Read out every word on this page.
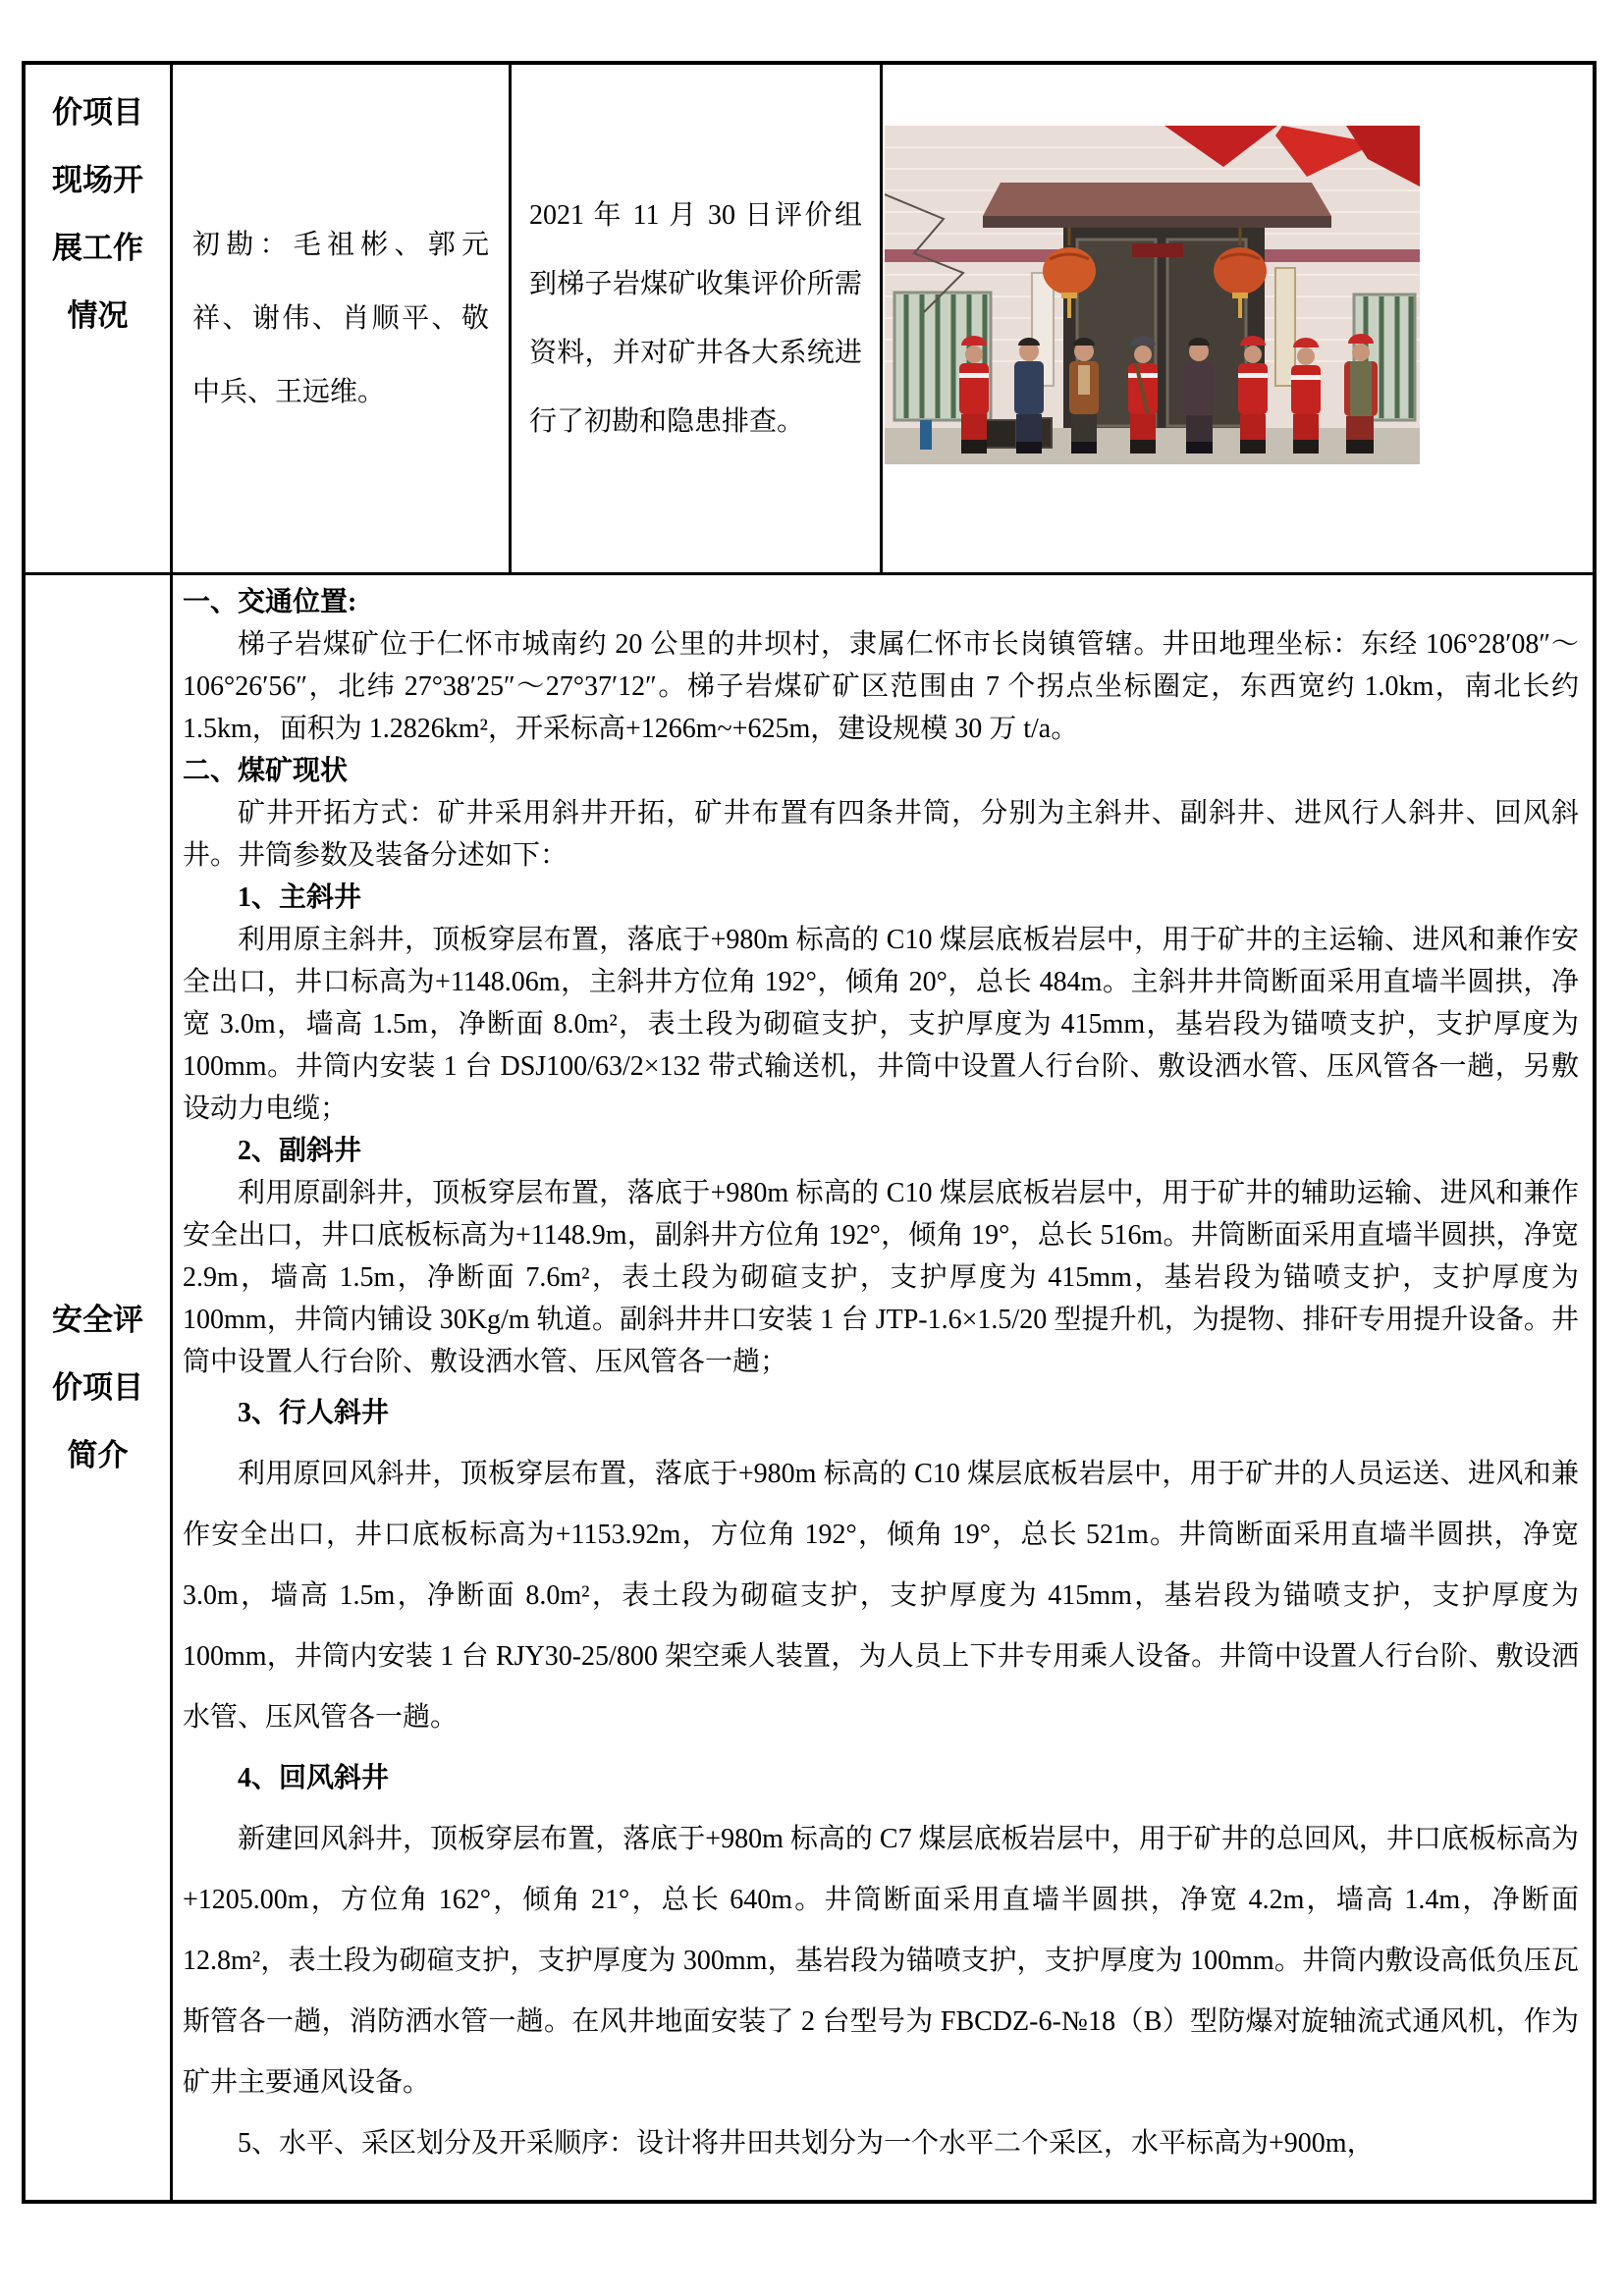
价项目
现场开
展工作
情况
初勘：毛祖彬、郭元祥、谢伟、肖顺平、敬中兵、王远维。
2021 年 11 月 30 日评价组到梯子岩煤矿收集评价所需资料，并对矿井各大系统进行了初勘和隐患排查。
安全评
价项目
简介
一、交通位置:
梯子岩煤矿位于仁怀市城南约 20 公里的井坝村，隶属仁怀市长岗镇管辖。井田地理坐标：东经 106°28′08″～106°26′56″，北纬 27°38′25″～27°37′12″。梯子岩煤矿矿区范围由 7 个拐点坐标圈定，东西宽约 1.0km，南北长约 1.5km，面积为 1.2826km²，开采标高+1266m~+625m，建设规模 30 万 t/a。
二、煤矿现状
矿井开拓方式：矿井采用斜井开拓，矿井布置有四条井筒，分别为主斜井、副斜井、进风行人斜井、回风斜井。井筒参数及装备分述如下：
1、主斜井
利用原主斜井，顶板穿层布置，落底于+980m 标高的 C10 煤层底板岩层中，用于矿井的主运输、进风和兼作安全出口，井口标高为+1148.06m，主斜井方位角 192°，倾角 20°，总长 484m。主斜井井筒断面采用直墙半圆拱，净宽 3.0m，墙高 1.5m，净断面 8.0m²，表土段为砌碹支护，支护厚度为 415mm，基岩段为锚喷支护，支护厚度为 100mm。井筒内安装 1 台 DSJ100/63/2×132 带式输送机，井筒中设置人行台阶、敷设洒水管、压风管各一趟，另敷设动力电缆；
2、副斜井
利用原副斜井，顶板穿层布置，落底于+980m 标高的 C10 煤层底板岩层中，用于矿井的辅助运输、进风和兼作安全出口，井口底板标高为+1148.9m，副斜井方位角 192°，倾角 19°，总长 516m。井筒断面采用直墙半圆拱，净宽 2.9m，墙高 1.5m，净断面 7.6m²，表土段为砌碹支护，支护厚度为 415mm，基岩段为锚喷支护，支护厚度为 100mm，井筒内铺设 30Kg/m 轨道。副斜井井口安装 1 台 JTP-1.6×1.5/20 型提升机，为提物、排矸专用提升设备。井筒中设置人行台阶、敷设洒水管、压风管各一趟；
3、行人斜井
利用原回风斜井，顶板穿层布置，落底于+980m 标高的 C10 煤层底板岩层中，用于矿井的人员运送、进风和兼作安全出口，井口底板标高为+1153.92m，方位角 192°，倾角 19°，总长 521m。井筒断面采用直墙半圆拱，净宽 3.0m，墙高 1.5m，净断面 8.0m²，表土段为砌碹支护，支护厚度为 415mm，基岩段为锚喷支护，支护厚度为 100mm，井筒内安装 1 台 RJY30-25/800 架空乘人装置，为人员上下井专用乘人设备。井筒中设置人行台阶、敷设洒水管、压风管各一趟。
4、回风斜井
新建回风斜井，顶板穿层布置，落底于+980m 标高的 C7 煤层底板岩层中，用于矿井的总回风，井口底板标高为+1205.00m，方位角 162°，倾角 21°，总长 640m。井筒断面采用直墙半圆拱，净宽 4.2m，墙高 1.4m，净断面 12.8m²，表土段为砌碹支护，支护厚度为 300mm，基岩段为锚喷支护，支护厚度为 100mm。井筒内敷设高低负压瓦斯管各一趟，消防洒水管一趟。在风井地面安装了 2 台型号为 FBCDZ-6-№18（B）型防爆对旋轴流式通风机，作为矿井主要通风设备。
5、水平、采区划分及开采顺序：设计将井田共划分为一个水平二个采区，水平标高为+900m，
